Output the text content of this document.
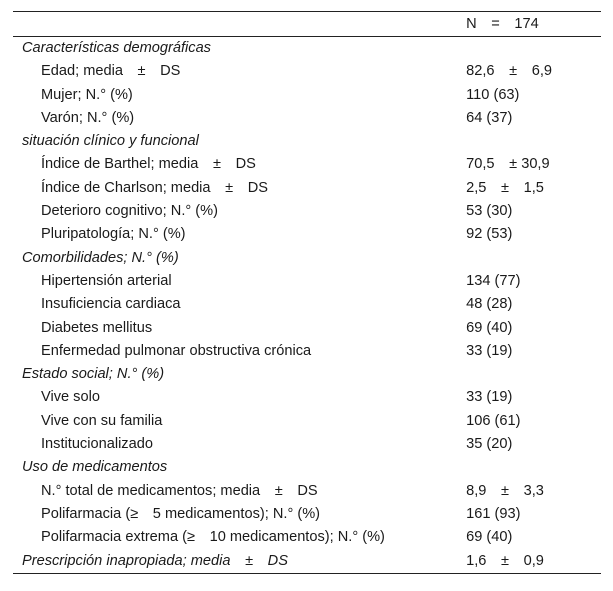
	N  =  174
Características demográficas	
Edad; media  ±  DS	82,6  ±  6,9
Mujer; N.° (%)	110 (63)
Varón; N.° (%)	64 (37)
situación clínico y funcional	
Índice de Barthel; media  ±  DS	70,5  ± 30,9
Índice de Charlson; media  ±  DS	2,5  ±  1,5
Deterioro cognitivo; N.° (%)	53 (30)
Pluripatología; N.° (%)	92 (53)
Comorbilidades; N.° (%)	
Hipertensión arterial	134 (77)
Insuficiencia cardiaca	48 (28)
Diabetes mellitus	69 (40)
Enfermedad pulmonar obstructiva crónica	33 (19)
Estado social; N.° (%)	
Vive solo	33 (19)
Vive con su familia	106 (61)
Institucionalizado	35 (20)
Uso de medicamentos	
N.° total de medicamentos; media  ±  DS	8,9  ±  3,3
Polifarmacia (≥  5 medicamentos); N.° (%)	161 (93)
Polifarmacia extrema (≥  10 medicamentos); N.° (%)	69 (40)
Prescripción inapropiada; media  ±  DS	1,6  ±  0,9
